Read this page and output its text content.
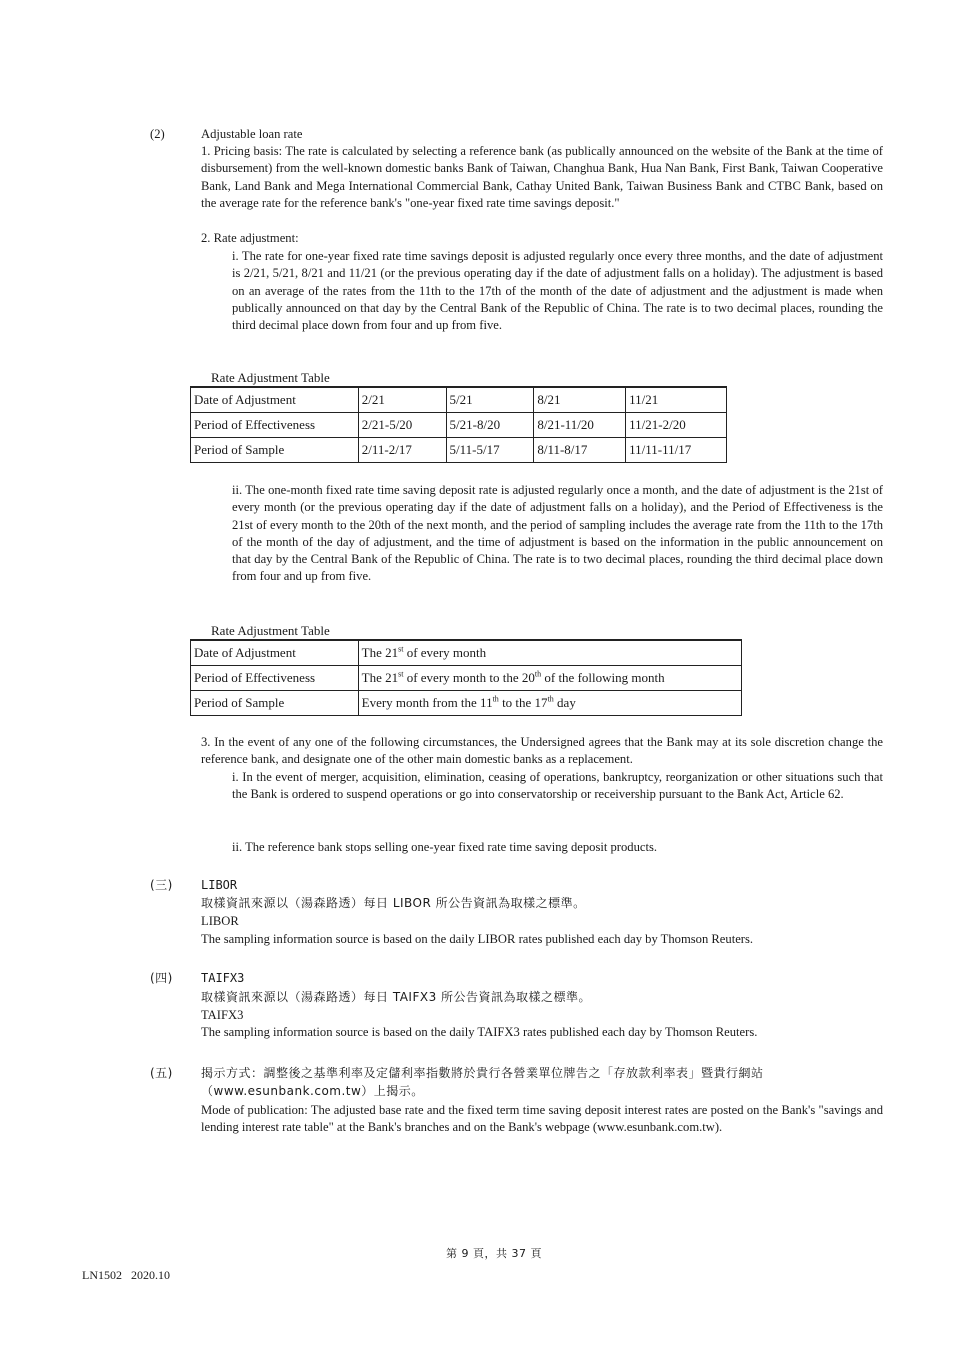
(2)	Adjustable loan rate

1. Pricing basis: The rate is calculated by selecting a reference bank (as publically announced on the website of the Bank at the time of disbursement) from the well-known domestic banks Bank of Taiwan, Changhua Bank, Hua Nan Bank, First Bank, Taiwan Cooperative Bank, Land Bank and Mega International Commercial Bank, Cathay United Bank, Taiwan Business Bank and CTBC Bank, based on the average rate for the reference bank's "one-year fixed rate time savings deposit."

2. Rate adjustment:

i. The rate for one-year fixed rate time savings deposit is adjusted regularly once every three months, and the date of adjustment is 2/21, 5/21, 8/21 and 11/21 (or the previous operating day if the date of adjustment falls on a holiday). The adjustment is based on an average of the rates from the 11th to the 17th of the month of the date of adjustment and the adjustment is made when publically announced on that day by the Central Bank of the Republic of China. The rate is to two decimal places, rounding the third decimal place down from four and up from five.

Rate Adjustment Table
Date of Adjustment	2/21	5/21	8/21	11/21
Period of Effectiveness	2/21-5/20	5/21-8/20	8/21-11/20	11/21-2/20
Period of Sample	2/11-2/17	5/11-5/17	8/11-8/17	11/11-11/17

ii. The one-month fixed rate time saving deposit rate is adjusted regularly once a month, and the date of adjustment is the 21st of every month (or the previous operating day if the date of adjustment falls on a holiday), and the Period of Effectiveness is the 21st of every month to the 20th of the next month, and the period of sampling includes the average rate from the 11th to the 17th of the month of the day of adjustment, and the time of adjustment is based on the information in the public announcement on that day by the Central Bank of the Republic of China. The rate is to two decimal places, rounding the third decimal place down from four and up from five.

Rate Adjustment Table
Date of Adjustment	The 21st of every month
Period of Effectiveness	The 21st of every month to the 20th of the following month
Period of Sample	Every month from the 11th to the 17th day

3. In the event of any one of the following circumstances, the Undersigned agrees that the Bank may at its sole discretion change the reference bank, and designate one of the other main domestic banks as a replacement.

i. In the event of merger, acquisition, elimination, ceasing of operations, bankruptcy, reorganization or other situations such that the Bank is ordered to suspend operations or go into conservatorship or receivership pursuant to the Bank Act, Article 62.

ii. The reference bank stops selling one-year fixed rate time saving deposit products.

(三) LIBOR
取樣資訊來源以（湯森路透）每日 LIBOR 所公告資訊為取樣之標準。
LIBOR

The sampling information source is based on the daily LIBOR rates published each day by Thomson Reuters.

(四) TAIFX3
取樣資訊來源以（湯森路透）每日 TAIFX3 所公告資訊為取樣之標準。
TAIFX3

The sampling information source is based on the daily TAIFX3 rates published each day by Thomson Reuters.

(五) 揭示方式：調整後之基準利率及定儲利率指數將於貴行各營業單位牌告之「存放款利率表」暨貴行網站
（www.esunbank.com.tw）上揭示。

Mode of publication: The adjusted base rate and the fixed term time saving deposit interest rates are posted on the Bank's "savings and lending interest rate table" at the Bank's branches and on the Bank's webpage (www.esunbank.com.tw).

第 9 頁，共 37 頁
LN1502   2020.10
